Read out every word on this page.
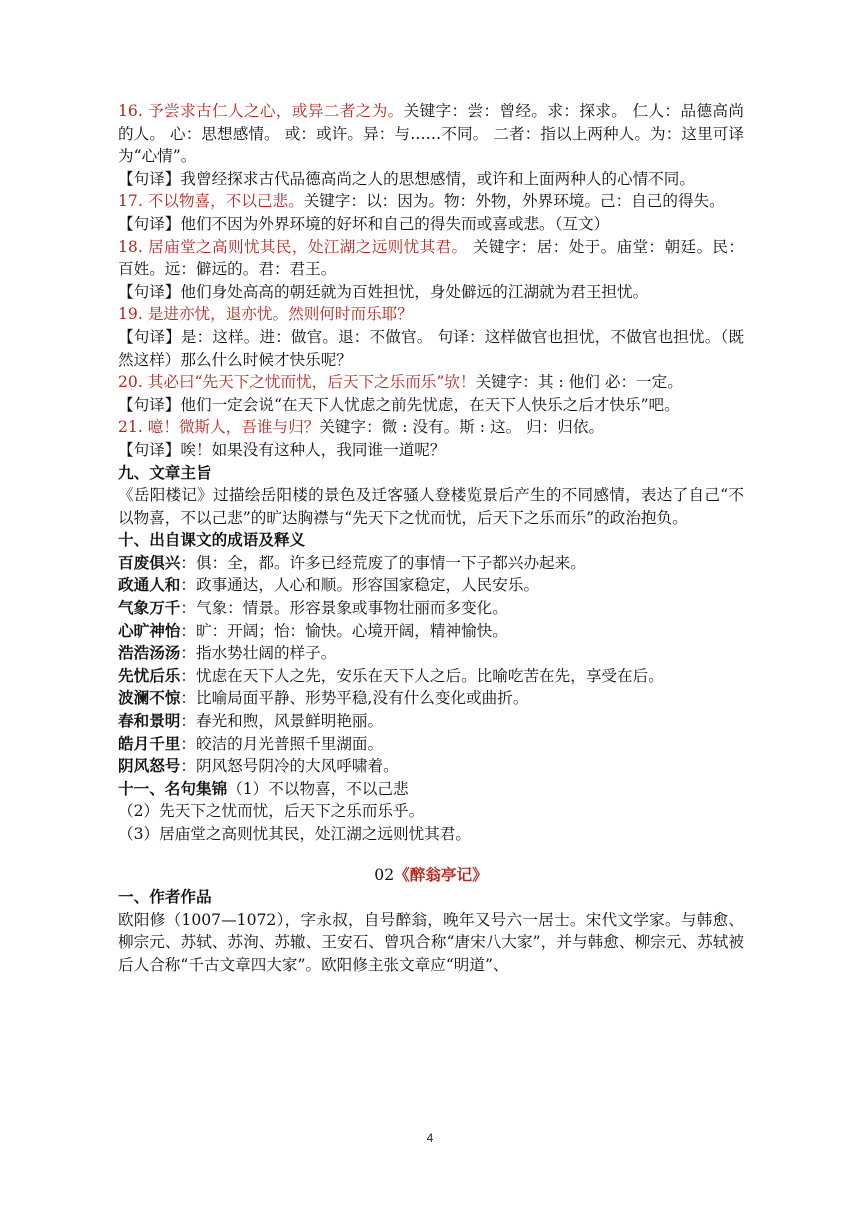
16. 予尝求古仁人之心，或异二者之为。关键字：尝：曾经。求：探求。 仁人：品德高尚的人。 心：思想感情。 或：或许。异：与……不同。 二者：指以上两种人。为：这里可译为“心情”。

【句译】我曾经探求古代品德高尚之人的思想感情，或许和上面两种人的心情不同。

17. 不以物喜，不以己悲。关键字：以：因为。物：外物，外界环境。己：自己的得失。

【句译】他们不因为外界环境的好坏和自己的得失而或喜或悲。（互文）

18. 居庙堂之高则忧其民，处江湖之远则忧其君。 关键字：居：处于。庙堂：朝廷。民：百姓。远：僻远的。君：君王。

【句译】他们身处高高的朝廷就为百姓担忧，身处僻远的江湖就为君王担忧。

19. 是进亦忧，退亦忧。然则何时而乐耶？

【句译】是：这样。进：做官。退：不做官。 句译：这样做官也担忧，不做官也担忧。（既然这样）那么什么时候才快乐呢？

20. 其必曰“先天下之忧而忧，后天下之乐而乐”欤！关键字：其 : 他们 必：一定。

【句译】他们一定会说“在天下人忧虑之前先忧虑，在天下人快乐之后才快乐”吧。

21. 噫！微斯人，吾谁与归？关键字：微 : 没有。斯 : 这。 归：归依。

【句译】唉！如果没有这种人，我同谁一道呢？

九、文章主旨

《岳阳楼记》过描绘岳阳楼的景色及迁客骚人登楼览景后产生的不同感情，表达了自己“不以物喜，不以己悲”的旷达胸襟与“先天下之忧而忧，后天下之乐而乐”的政治抱负。

十、出自课文的成语及释义

百废俱兴：俱：全，都。许多已经荒废了的事情一下子都兴办起来。

政通人和：政事通达，人心和顺。形容国家稳定，人民安乐。

气象万千：气象：情景。形容景象或事物壮丽而多变化。

心旷神怡：旷：开阔；怡：愉快。心境开阔，精神愉快。

浩浩汤汤：指水势壮阔的样子。

先忧后乐：忧虑在天下人之先，安乐在天下人之后。比喻吃苦在先，享受在后。

波澜不惊：比喻局面平静、形势平稳,没有什么变化或曲折。

春和景明：春光和煦，风景鲜明艳丽。

皓月千里：皎洁的月光普照千里湖面。

阴风怒号：阴风怒号阴冷的大风呼啸着。

十一、名句集锦（1）不以物喜，不以己悲

（2）先天下之忧而忧，后天下之乐而乐乎。

（3）居庙堂之高则忧其民，处江湖之远则忧其君。

02《醉翁亭记》

一、作者作品

欧阳修（1007—1072），字永叔，自号醉翁，晚年又号六一居士。宋代文学家。与韩愈、柳宗元、苏轼、苏洵、苏辙、王安石、曾巩合称“唐宋八大家”，并与韩愈、柳宗元、苏轼被后人合称“千古文章四大家”。欧阳修主张文章应“明道”、

4
